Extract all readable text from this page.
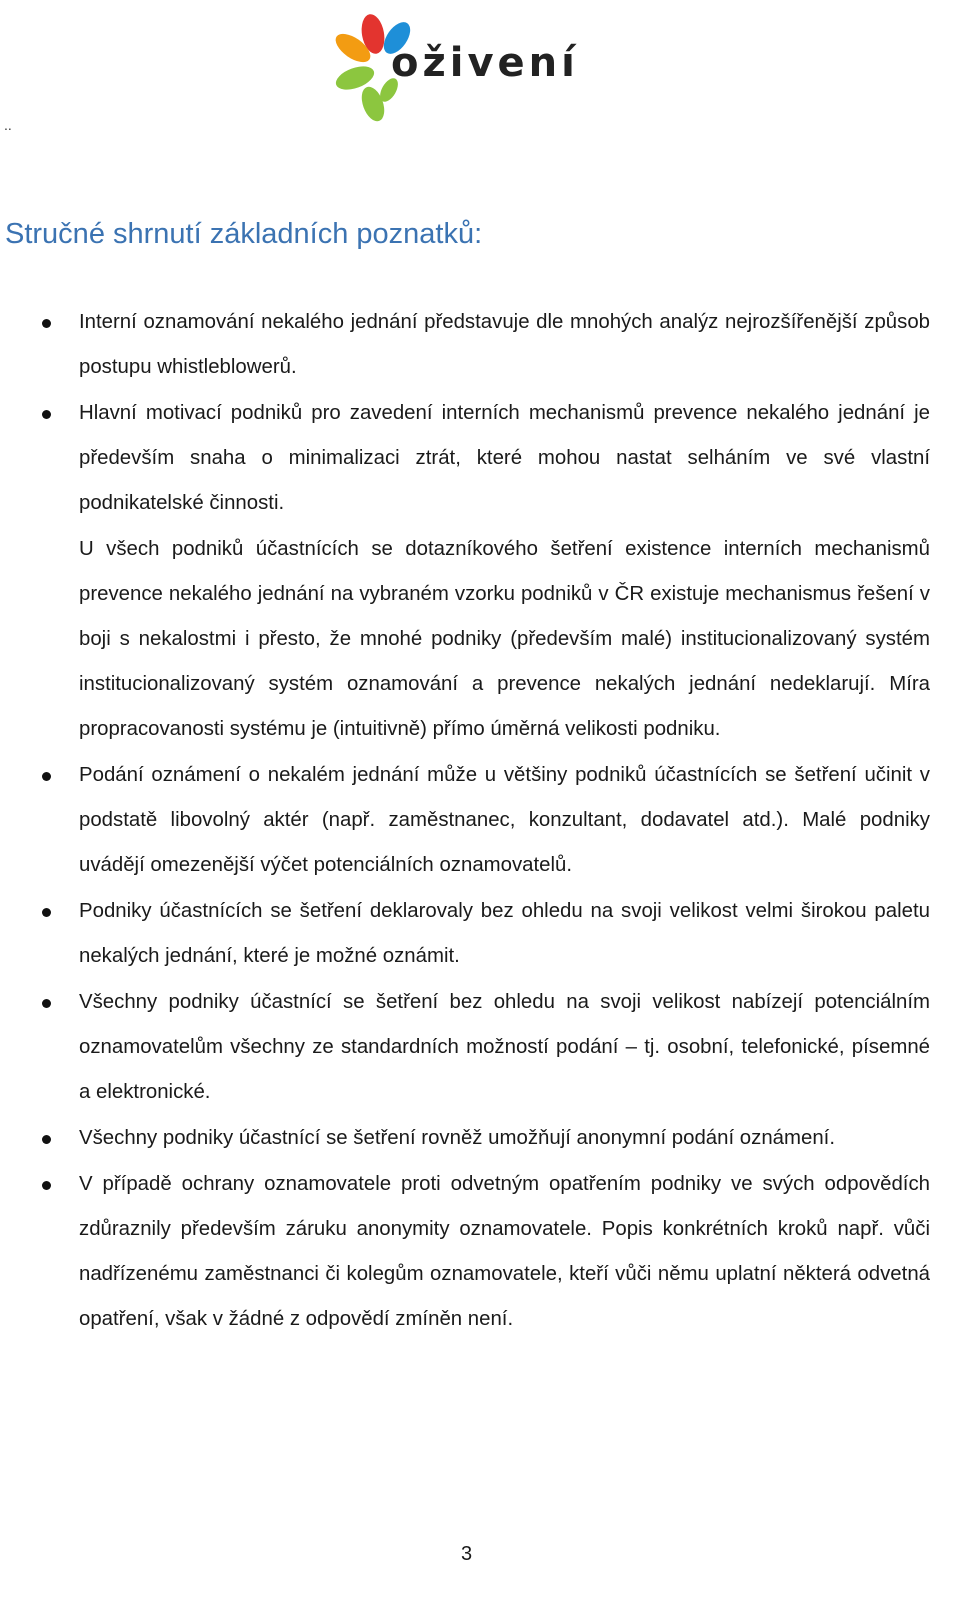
oživení
..
Stručné shrnutí základních poznatků:
Interní oznamování nekalého jednání představuje dle mnohých analýz nejrozšířenější způsob postupu whistleblowerů.
Hlavní motivací podniků pro zavedení interních mechanismů prevence nekalého jednání je především snaha o minimalizaci ztrát, které mohou nastat selháním ve své vlastní podnikatelské činnosti.
U všech podniků účastnících se dotazníkového šetření existence interních mechanismů prevence nekalého jednání na vybraném vzorku podniků v ČR existuje mechanismus řešení v boji s nekalostmi i přesto, že mnohé podniky (především malé) institucionalizovaný systém institucionalizovaný systém oznamování a prevence nekalých jednání nedeklarují. Míra propracovanosti systému je (intuitivně) přímo úměrná velikosti podniku.
Podání oznámení o nekalém jednání může u většiny podniků účastnících se šetření učinit v podstatě libovolný aktér (např. zaměstnanec, konzultant, dodavatel atd.). Malé podniky uvádějí omezenější výčet potenciálních oznamovatelů.
Podniky účastnících se šetření deklarovaly bez ohledu na svoji velikost velmi širokou paletu nekalých jednání, které je možné oznámit.
Všechny podniky účastnící se šetření bez ohledu na svoji velikost nabízejí potenciálním oznamovatelům všechny ze standardních možností podání – tj. osobní, telefonické, písemné a elektronické.
Všechny podniky účastnící se šetření rovněž umožňují anonymní podání oznámení.
V případě ochrany oznamovatele proti odvetným opatřením podniky ve svých odpovědích zdůraznily především záruku anonymity oznamovatele. Popis konkrétních kroků např. vůči nadřízenému zaměstnanci či kolegům oznamovatele, kteří vůči němu uplatní některá odvetná opatření, však v žádné z odpovědí zmíněn není.
3
